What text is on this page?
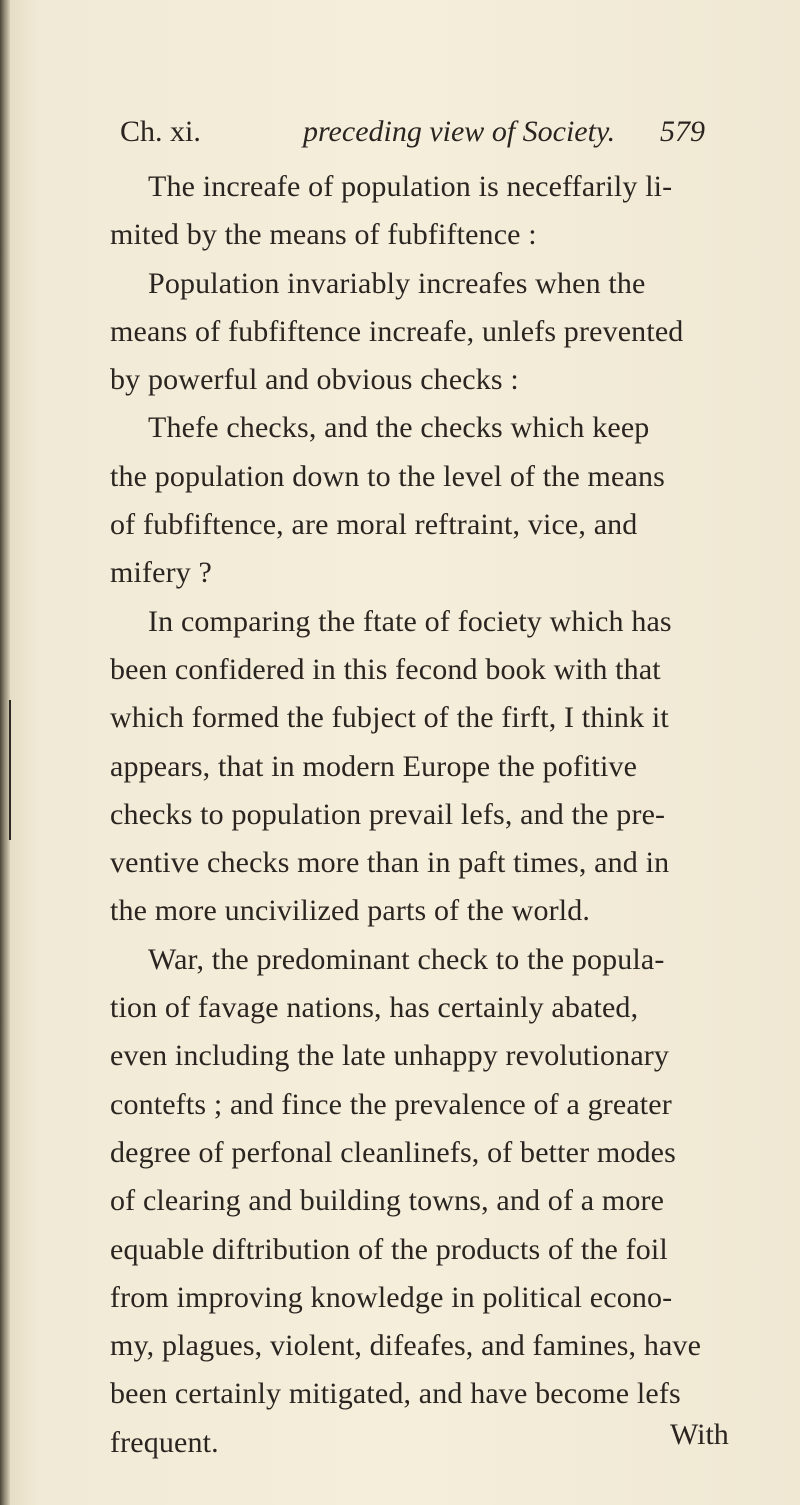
Ch. xi.	preceding view of Society. 579
The increafe of population is neceffarily li-
mited by the means of fubfiftence :
Population invariably increafes when the
means of fubfiftence increafe, unlefs prevented
by powerful and obvious checks :
Thefe checks, and the checks which keep
the population down to the level of the means
of fubfiftence, are moral reftraint, vice, and
mifery ?
In comparing the ftate of fociety which has
been confidered in this fecond book with that
which formed the fubject of the firft, I think it
appears, that in modern Europe the pofitive
checks to population prevail lefs, and the pre-
ventive checks more than in paft times, and in
the more uncivilized parts of the world.
War, the predominant check to the popula-
tion of favage nations, has certainly abated,
even including the late unhappy revolutionary
contefts ; and fince the prevalence of a greater
degree of perfonal cleanlinefs, of better modes
of clearing and building towns, and of a more
equable diftribution of the products of the foil
from improving knowledge in political econo-
my, plagues, violent, difeafes, and famines, have
been certainly mitigated, and have become lefs
frequent.	With
